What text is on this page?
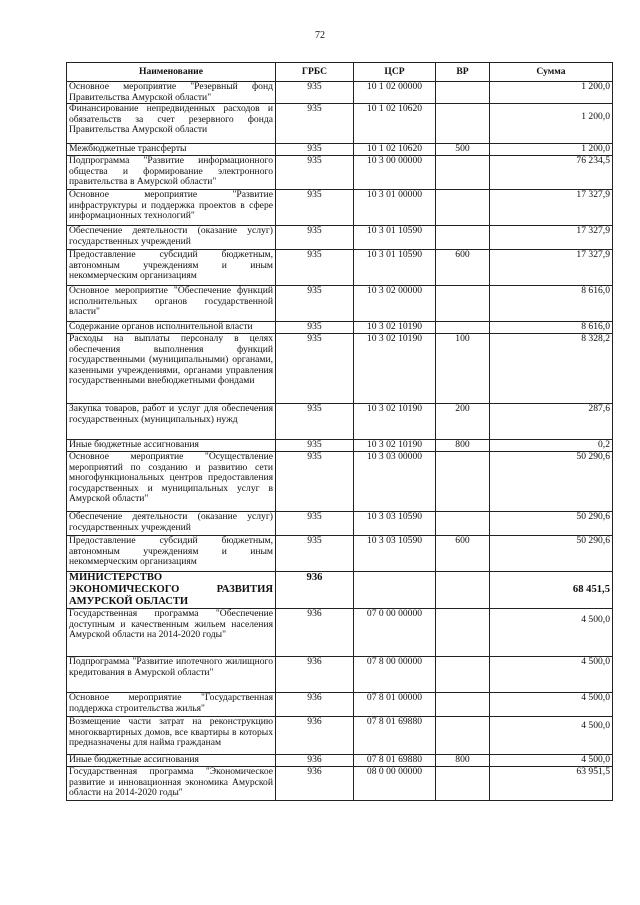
72
Наименование	ГРБС	ЦСР	ВР	Сумма
Основное мероприятие "Резервный фонд Правительства Амурской области"	935	10 1 02 00000		1 200,0
Финансирование непредвиденных расходов и обязательств за счет резервного фонда Правительства Амурской области	935	10 1 02 10620		1 200,0
Межбюджетные трансферты	935	10 1 02 10620	500	1 200,0
Подпрограмма "Развитие информационного общества и формирование электронного правительства в Амурской области"	935	10 3 00 00000		76 234,5
Основное мероприятие "Развитие инфраструктуры и поддержка проектов в сфере информационных технологий"	935	10 3 01 00000		17 327,9
Обеспечение деятельности (оказание услуг) государственных учреждений	935	10 3 01 10590		17 327,9
Предоставление субсидий бюджетным, автономным учреждениям и иным некоммерческим организациям	935	10 3 01 10590	600	17 327,9
Основное мероприятие "Обеспечение функций исполнительных органов государственной власти"	935	10 3 02 00000		8 616,0
Содержание органов исполнительной власти	935	10 3 02 10190		8 616,0
Расходы на выплаты персоналу в целях обеспечения выполнения функций государственными (муниципальными) органами, казенными учреждениями, органами управления государственными внебюджетными фондами	935	10 3 02 10190	100	8 328,2
Закупка товаров, работ и услуг для обеспечения государственных (муниципальных) нужд	935	10 3 02 10190	200	287,6
Иные бюджетные ассигнования	935	10 3 02 10190	800	0,2
Основное мероприятие "Осуществление мероприятий по созданию и развитию сети многофункциональных центров предоставления государственных и муниципальных услуг в Амурской области"	935	10 3 03 00000		50 290,6
Обеспечение деятельности (оказание услуг) государственных учреждений	935	10 3 03 10590		50 290,6
Предоставление субсидий бюджетным, автономным учреждениям и иным некоммерческим организациям	935	10 3 03 10590	600	50 290,6
МИНИСТЕРСТВО ЭКОНОМИЧЕСКОГО РАЗВИТИЯ АМУРСКОЙ ОБЛАСТИ	936			68 451,5
Государственная программа "Обеспечение доступным и качественным жильем населения Амурской области на 2014-2020 годы"	936	07 0 00 00000		4 500,0
Подпрограмма "Развитие ипотечного жилищного кредитования в Амурской области"	936	07 8 00 00000		4 500,0
Основное мероприятие "Государственная поддержка строительства жилья"	936	07 8 01 00000		4 500,0
Возмещение части затрат на реконструкцию многоквартирных домов, все квартиры в которых предназначены для найма гражданам	936	07 8 01 69880		4 500,0
Иные бюджетные ассигнования	936	07 8 01 69880	800	4 500,0
Государственная программа "Экономическое развитие и инновационная экономика Амурской области на 2014-2020 годы"	936	08 0 00 00000		63 951,5
